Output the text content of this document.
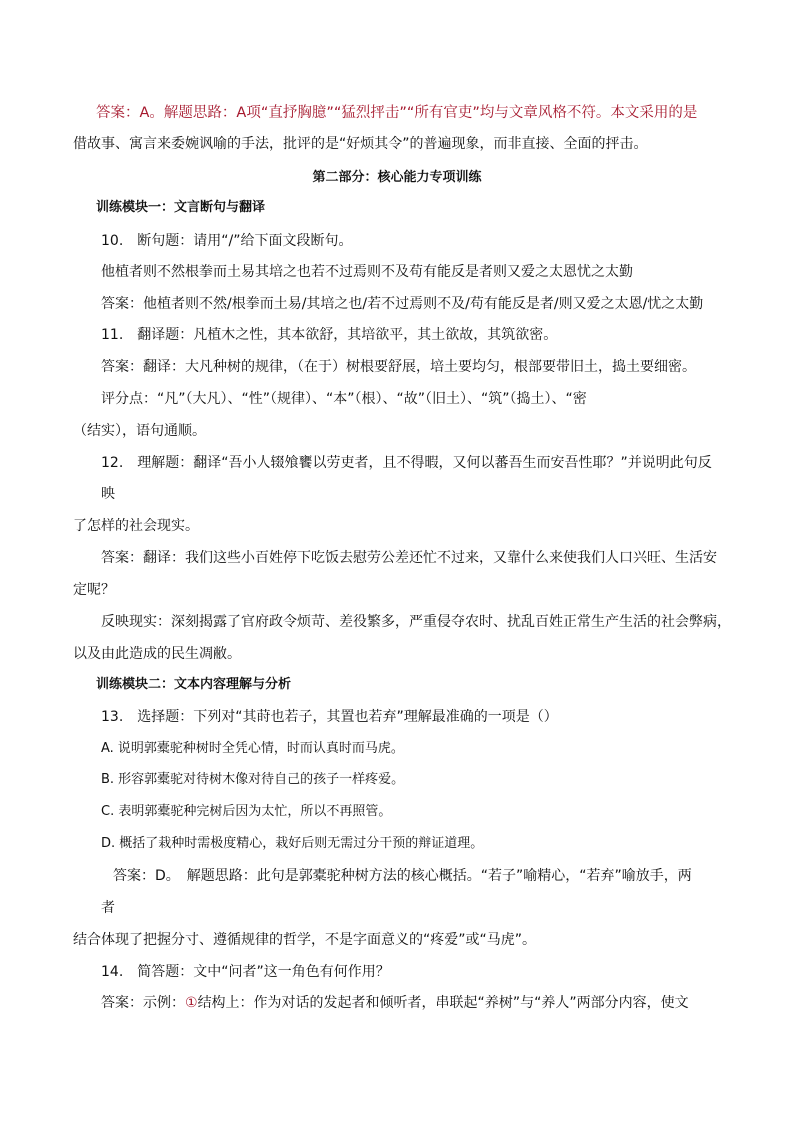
答案：A。解题思路：A项“直抒胸臆”“猛烈抨击”“所有官吏”均与文章风格不符。本文采用的是
借故事、寓言来委婉讽喻的手法，批评的是“好烦其令”的普遍现象，而非直接、全面的抨击。
第二部分：核心能力专项训练
训练模块一：文言断句与翻译
10.　断句题：请用“/”给下面文段断句。
他植者则不然根拳而土易其培之也若不过焉则不及苟有能反是者则又爱之太恩忧之太勤
答案：他植者则不然/根拳而土易/其培之也/若不过焉则不及/苟有能反是者/则又爱之太恩/忧之太勤
11.　翻译题：凡植木之性，其本欲舒，其培欲平，其土欲故，其筑欲密。
答案：翻译：大凡种树的规律，（在于）树根要舒展，培土要均匀，根部要带旧土，捣土要细密。
评分点：“凡”（大凡）、“性”（规律）、“本”（根）、“故”（旧土）、“筑”（捣土）、“密
（结实），语句通顺。
12.　理解题：翻译“吾小人辍飧饔以劳吏者，且不得暇，又何以蕃吾生而安吾性耶？”并说明此句反
映
了怎样的社会现实。
答案：翻译：我们这些小百姓停下吃饭去慰劳公差还忙不过来，又靠什么来使我们人口兴旺、生活安
定呢？
反映现实：深刻揭露了官府政令烦苛、差役繁多，严重侵夺农时、扰乱百姓正常生产生活的社会弊病，
以及由此造成的民生凋敝。
训练模块二：文本内容理解与分析
13.　选择题：下列对“其莳也若子，其置也若弃”理解最准确的一项是（）
A. 说明郭橐驼种树时全凭心情，时而认真时而马虎。
B. 形容郭橐驼对待树木像对待自己的孩子一样疼爱。
C. 表明郭橐驼种完树后因为太忙，所以不再照管。
D. 概括了栽种时需极度精心，栽好后则无需过分干预的辩证道理。
答案：D。　解题思路：此句是郭橐驼种树方法的核心概括。“若子”喻精心，“若弃”喻放手，两
者
结合体现了把握分寸、遵循规律的哲学，不是字面意义的“疼爱”或“马虎”。
14.　简答题：文中“问者”这一角色有何作用？
答案：示例：①结构上：作为对话的发起者和倾听者，串联起“养树”与“养人”两部分内容，使文
